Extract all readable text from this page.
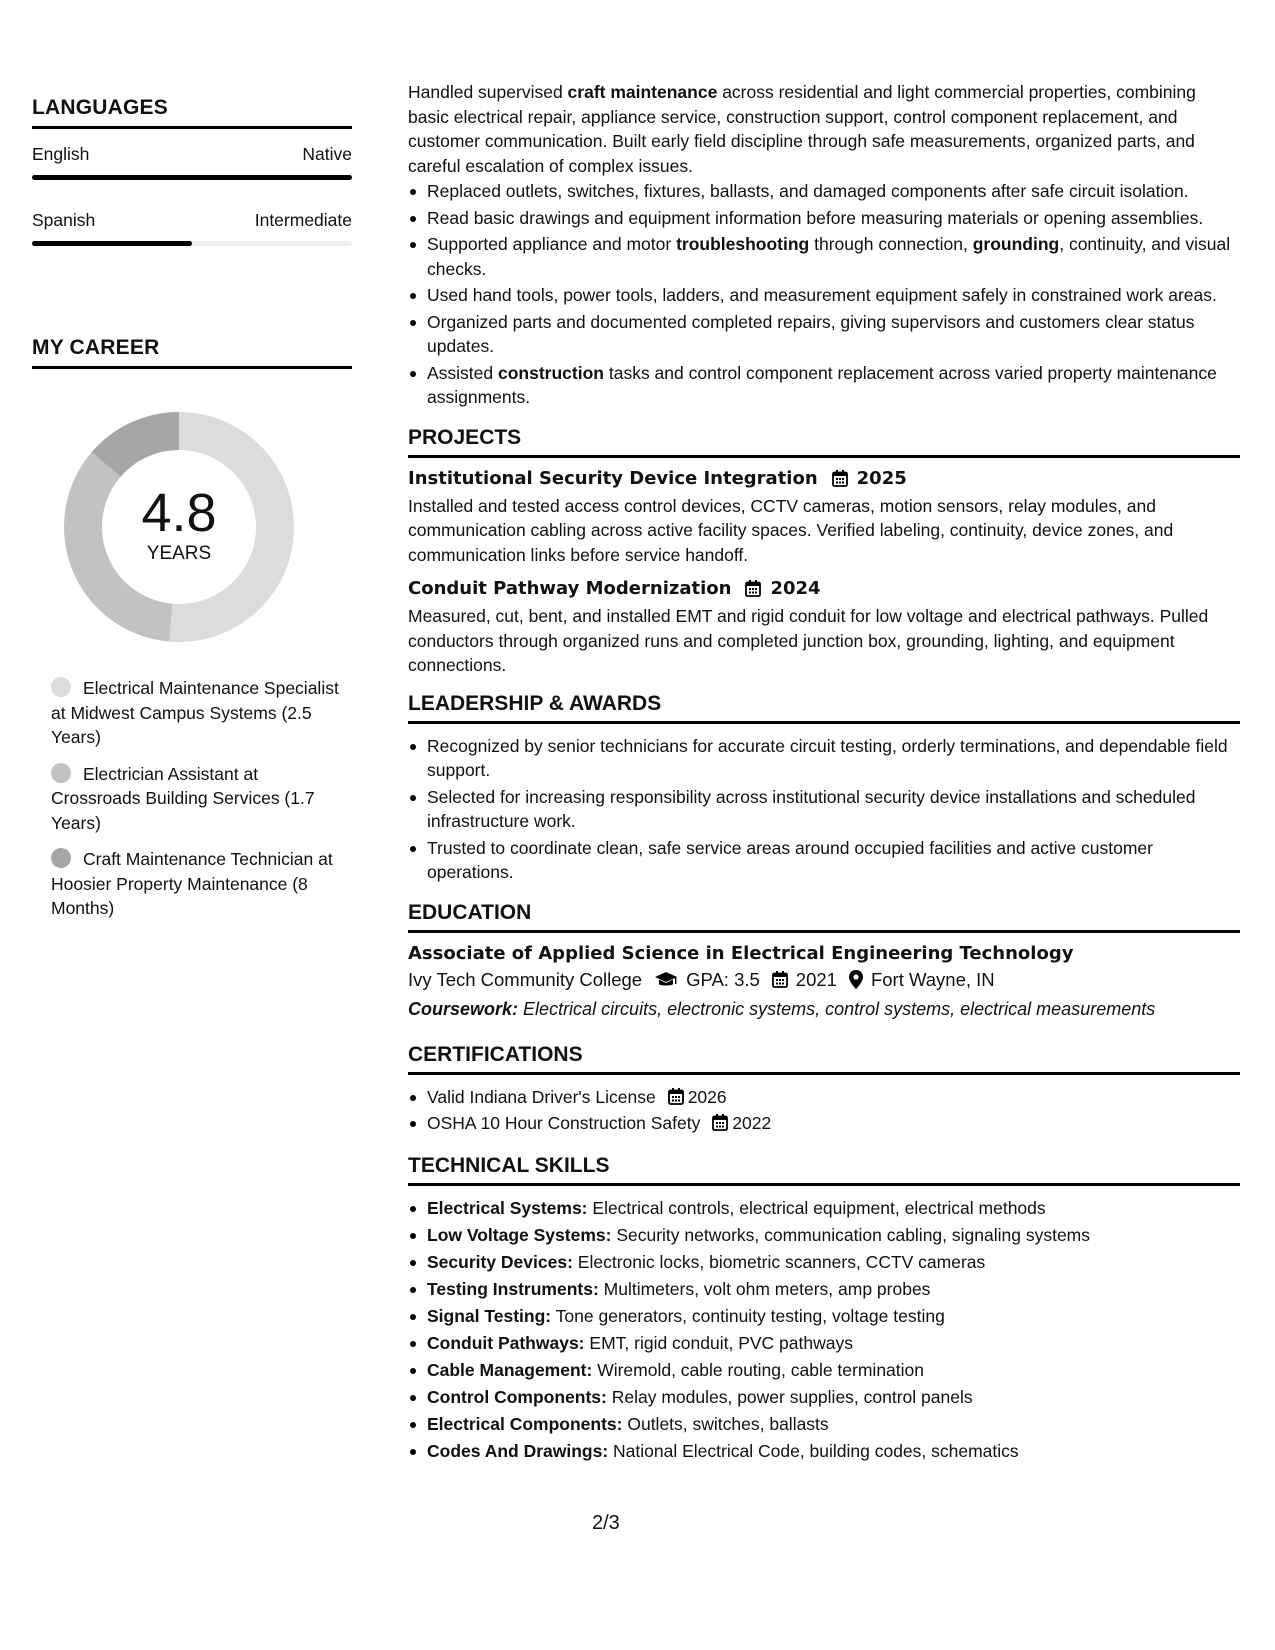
LANGUAGES
English	Native
Spanish	Intermediate
MY CAREER
4.8
YEARS
Electrical Maintenance Specialist at Midwest Campus Systems (2.5 Years)
Electrician Assistant at Crossroads Building Services (1.7 Years)
Craft Maintenance Technician at Hoosier Property Maintenance (8 Months)

Handled supervised craft maintenance across residential and light commercial properties, combining basic electrical repair, appliance service, construction support, control component replacement, and customer communication. Built early field discipline through safe measurements, organized parts, and careful escalation of complex issues.

Replaced outlets, switches, fixtures, ballasts, and damaged components after safe circuit isolation.
Read basic drawings and equipment information before measuring materials or opening assemblies.
Supported appliance and motor troubleshooting through connection, grounding, continuity, and visual checks.
Used hand tools, power tools, ladders, and measurement equipment safely in constrained work areas.
Organized parts and documented completed repairs, giving supervisors and customers clear status updates.
Assisted construction tasks and control component replacement across varied property maintenance assignments.
PROJECTS
Institutional Security Device Integration 2025

Installed and tested access control devices, CCTV cameras, motion sensors, relay modules, and communication cabling across active facility spaces. Verified labeling, continuity, device zones, and communication links before service handoff.

Conduit Pathway Modernization 2024

Measured, cut, bent, and installed EMT and rigid conduit for low voltage and electrical pathways. Pulled conductors through organized runs and completed junction box, grounding, lighting, and equipment connections.

LEADERSHIP & AWARDS
Recognized by senior technicians for accurate circuit testing, orderly terminations, and dependable field support.
Selected for increasing responsibility across institutional security device installations and scheduled infrastructure work.
Trusted to coordinate clean, safe service areas around occupied facilities and active customer operations.
EDUCATION
Associate of Applied Science in Electrical Engineering Technology
Ivy Tech Community College GPA: 3.5 2021 Fort Wayne, IN

Coursework: Electrical circuits, electronic systems, control systems, electrical measurements

CERTIFICATIONS
Valid Indiana Driver's License 2026
OSHA 10 Hour Construction Safety 2022
TECHNICAL SKILLS
Electrical Systems: Electrical controls, electrical equipment, electrical methods
Low Voltage Systems: Security networks, communication cabling, signaling systems
Security Devices: Electronic locks, biometric scanners, CCTV cameras
Testing Instruments: Multimeters, volt ohm meters, amp probes
Signal Testing: Tone generators, continuity testing, voltage testing
Conduit Pathways: EMT, rigid conduit, PVC pathways
Cable Management: Wiremold, cable routing, cable termination
Control Components: Relay modules, power supplies, control panels
Electrical Components: Outlets, switches, ballasts
Codes And Drawings: National Electrical Code, building codes, schematics
2/3
